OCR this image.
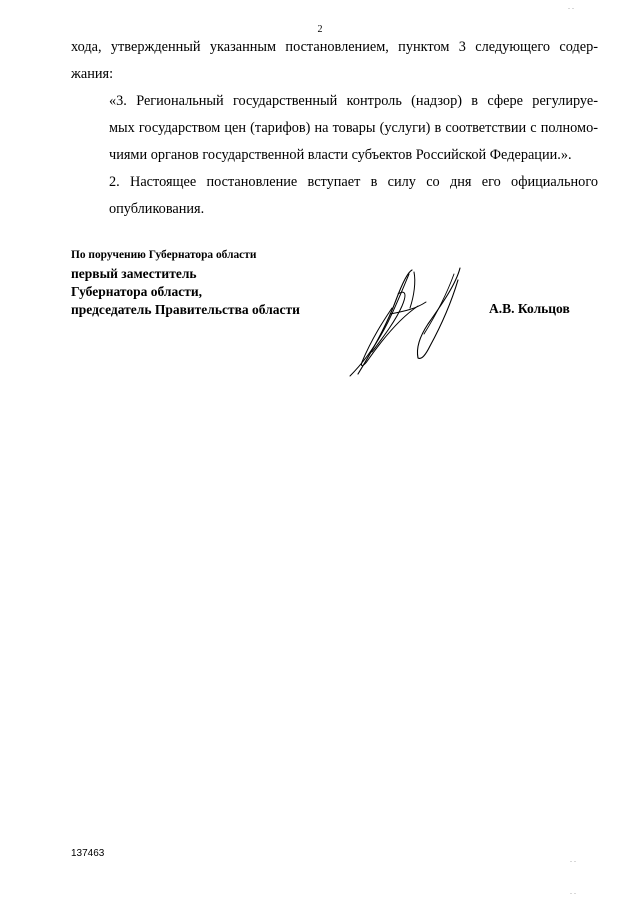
2

хода, утвержденный указанным постановлением, пунктом 3 следующего содер-
жания:

«3. Региональный государственный контроль (надзор) в сфере регулируе-
мых государством цен (тарифов) на товары (услуги) в соответствии с полномо-
чиями органов государственной власти субъектов Российской Федерации.».

2. Настоящее постановление вступает в силу со дня его официального
опубликования.

По поручению Губернатора области
первый заместитель
Губернатора области,
председатель Правительства области	А.В. Кольцов
137463
. .
. .
. .
